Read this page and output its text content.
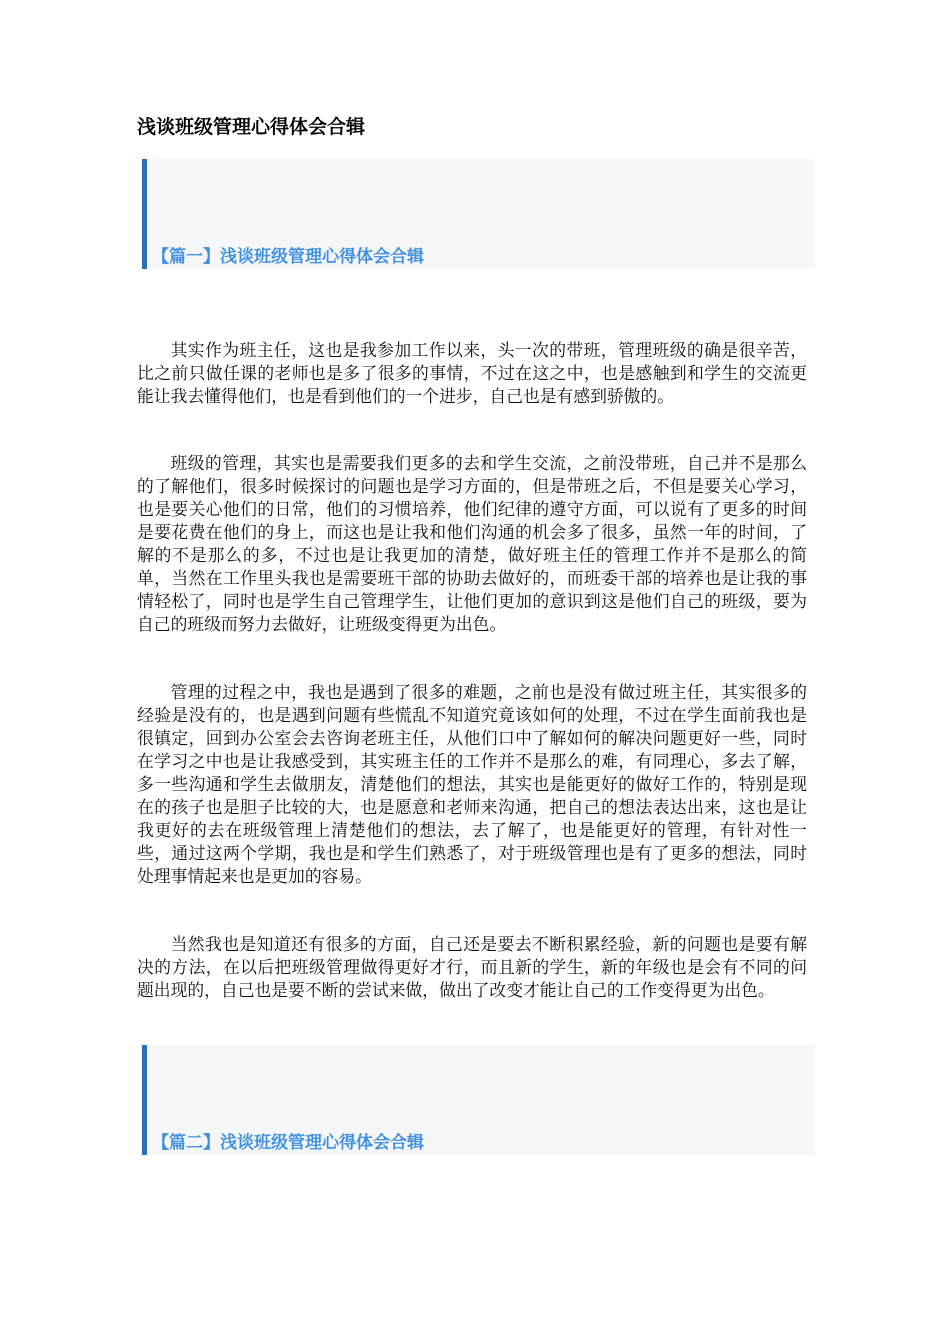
浅谈班级管理心得体会合辑
【篇一】浅谈班级管理心得体会合辑

其实作为班主任，这也是我参加工作以来，头一次的带班，管理班级的确是很辛苦，比之前只做任课的老师也是多了很多的事情，不过在这之中，也是感触到和学生的交流更能让我去懂得他们，也是看到他们的一个进步，自己也是有感到骄傲的。

班级的管理，其实也是需要我们更多的去和学生交流，之前没带班，自己并不是那么的了解他们，很多时候探讨的问题也是学习方面的，但是带班之后，不但是要关心学习，也是要关心他们的日常，他们的习惯培养，他们纪律的遵守方面，可以说有了更多的时间是要花费在他们的身上，而这也是让我和他们沟通的机会多了很多，虽然一年的时间，了解的不是那么的多，不过也是让我更加的清楚，做好班主任的管理工作并不是那么的简单，当然在工作里头我也是需要班干部的协助去做好的，而班委干部的培养也是让我的事情轻松了，同时也是学生自己管理学生，让他们更加的意识到这是他们自己的班级，要为自己的班级而努力去做好，让班级变得更为出色。

管理的过程之中，我也是遇到了很多的难题，之前也是没有做过班主任，其实很多的经验是没有的，也是遇到问题有些慌乱不知道究竟该如何的处理，不过在学生面前我也是很镇定，回到办公室会去咨询老班主任，从他们口中了解如何的解决问题更好一些，同时在学习之中也是让我感受到，其实班主任的工作并不是那么的难，有同理心，多去了解，多一些沟通和学生去做朋友，清楚他们的想法，其实也是能更好的做好工作的，特别是现在的孩子也是胆子比较的大，也是愿意和老师来沟通，把自己的想法表达出来，这也是让我更好的去在班级管理上清楚他们的想法，去了解了，也是能更好的管理，有针对性一些，通过这两个学期，我也是和学生们熟悉了，对于班级管理也是有了更多的想法，同时处理事情起来也是更加的容易。

当然我也是知道还有很多的方面，自己还是要去不断积累经验，新的问题也是要有解决的方法，在以后把班级管理做得更好才行，而且新的学生，新的年级也是会有不同的问题出现的，自己也是要不断的尝试来做，做出了改变才能让自己的工作变得更为出色。

【篇二】浅谈班级管理心得体会合辑
